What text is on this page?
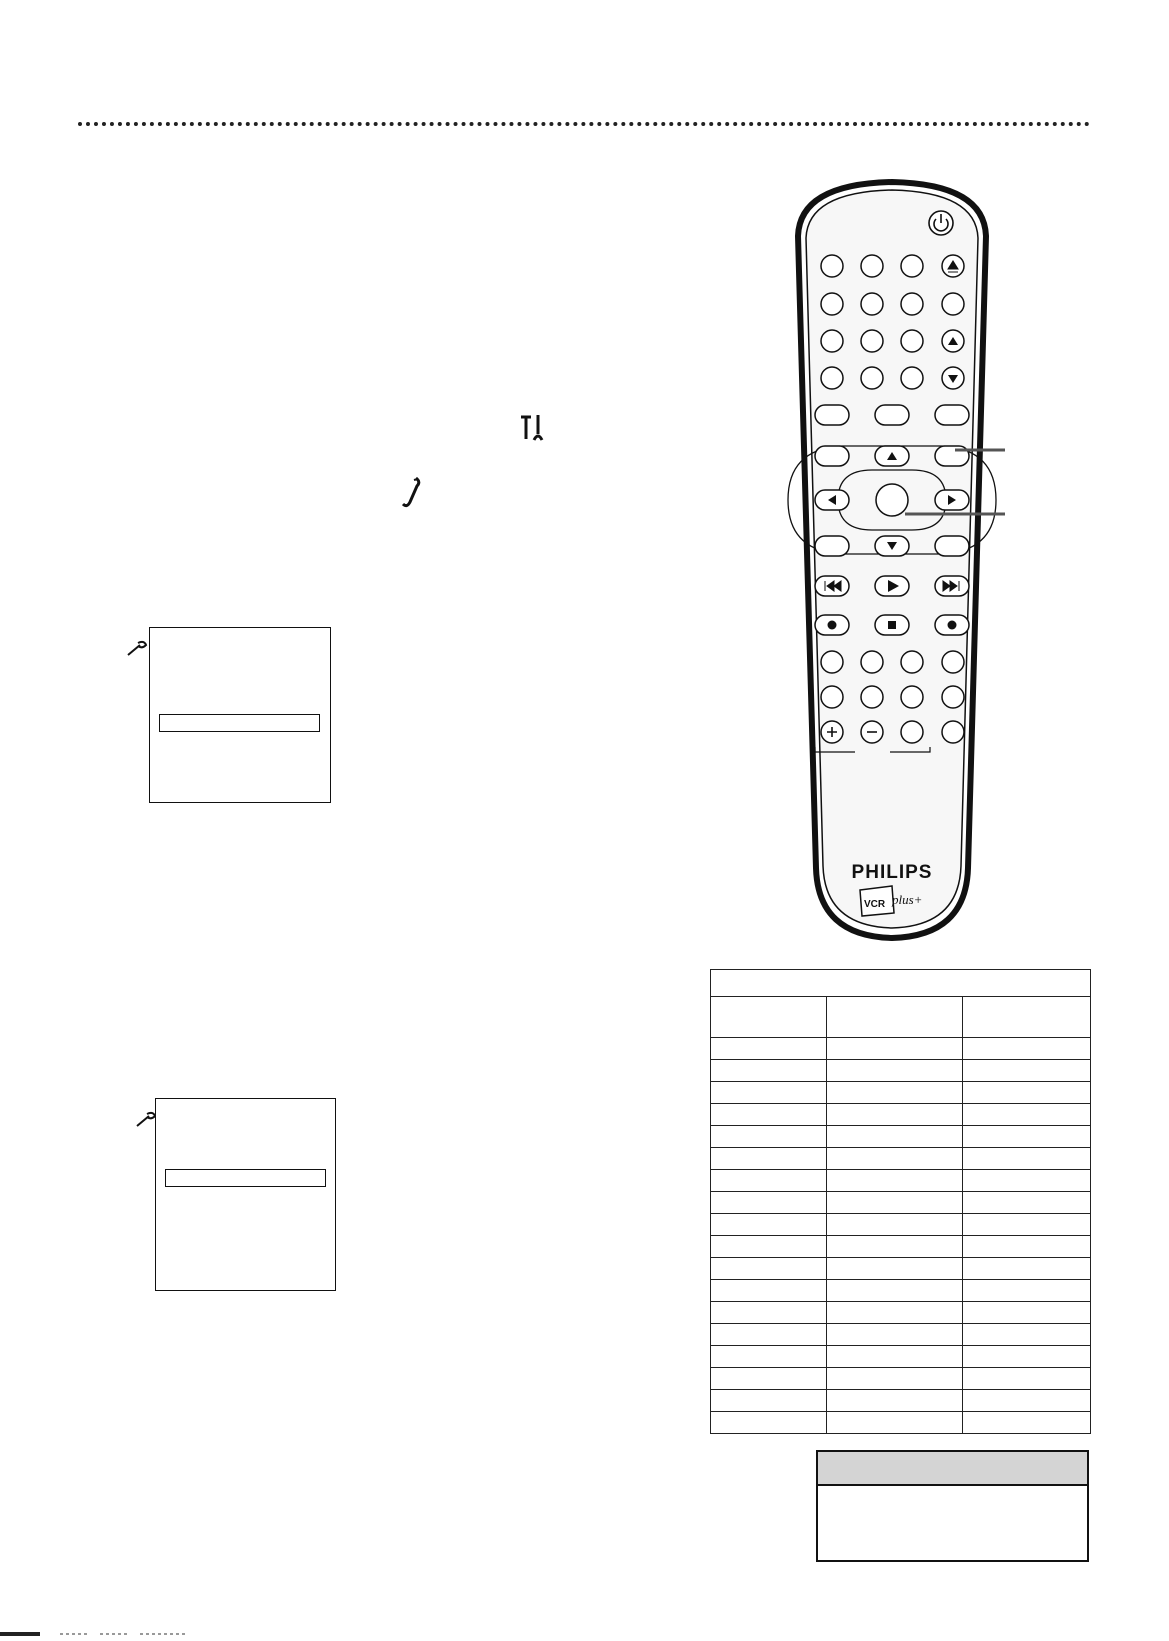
PHILIPS
VCR plus+
